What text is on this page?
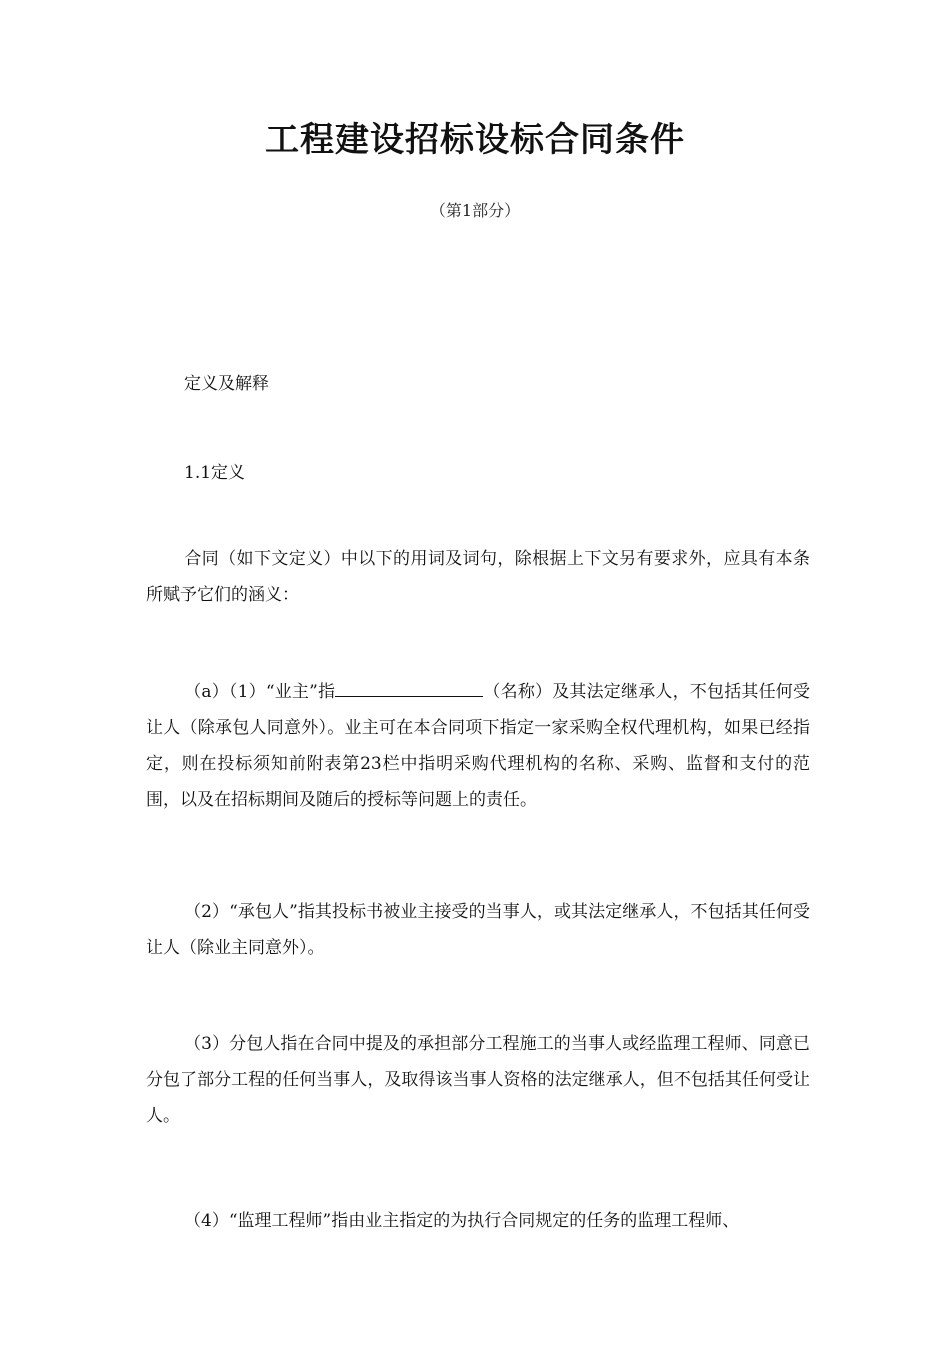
工程建设招标设标合同条件
（第1部分）
定义及解释
1.1定义
合同（如下文定义）中以下的用词及词句，除根据上下文另有要求外，应具有本条所赋予它们的涵义：
（a）（1）“业主”指	（名称）及其法定继承人，不包括其任何受让人（除承包人同意外）。业主可在本合同项下指定一家采购全权代理机构，如果已经指定，则在投标须知前附表第23栏中指明采购代理机构的名称、采购、监督和支付的范围，以及在招标期间及随后的授标等问题上的责任。
（2）“承包人”指其投标书被业主接受的当事人，或其法定继承人，不包括其任何受让人（除业主同意外）。
（3）分包人指在合同中提及的承担部分工程施工的当事人或经监理工程师、同意已分包了部分工程的任何当事人，及取得该当事人资格的法定继承人，但不包括其任何受让人。
（4）“监理工程师”指由业主指定的为执行合同规定的任务的监理工程师、
